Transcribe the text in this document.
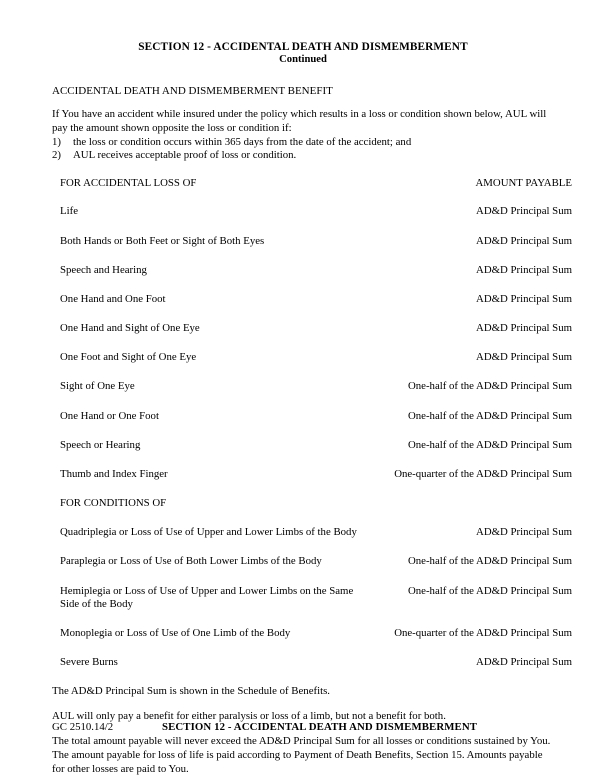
SECTION 12 - ACCIDENTAL DEATH AND DISMEMBERMENT
Continued
ACCIDENTAL DEATH AND DISMEMBERMENT BENEFIT

If You have an accident while insured under the policy which results in a loss or condition shown below, AUL will pay the amount shown opposite the loss or condition if:

1)	the loss or condition occurs within 365 days from the date of the accident; and
2)	AUL receives acceptable proof of loss or condition.
FOR ACCIDENTAL LOSS OF	AMOUNT PAYABLE
Life	AD&D Principal Sum
Both Hands or Both Feet or Sight of Both Eyes	AD&D Principal Sum
Speech and Hearing	AD&D Principal Sum
One Hand and One Foot	AD&D Principal Sum
One Hand and Sight of One Eye	AD&D Principal Sum
One Foot and Sight of One Eye	AD&D Principal Sum
Sight of One Eye	One-half of the AD&D Principal Sum
One Hand or One Foot	One-half of the AD&D Principal Sum
Speech or Hearing	One-half of the AD&D Principal Sum
Thumb and Index Finger	One-quarter of the AD&D Principal Sum
FOR CONDITIONS OF	
Quadriplegia or Loss of Use of Upper and Lower Limbs of the Body	AD&D Principal Sum
Paraplegia or Loss of Use of Both Lower Limbs of the Body	One-half of the AD&D Principal Sum
Hemiplegia or Loss of Use of Upper and Lower Limbs on the Same Side of the Body	One-half of the AD&D Principal Sum
Monoplegia or Loss of Use of One Limb of the Body	One-quarter of the AD&D Principal Sum
Severe Burns	AD&D Principal Sum

The AD&D Principal Sum is shown in the Schedule of Benefits.

AUL will only pay a benefit for either paralysis or loss of a limb, but not a benefit for both.

The total amount payable will never exceed the AD&D Principal Sum for all losses or conditions sustained by You. The amount payable for loss of life is paid according to Payment of Death Benefits, Section 15. Amounts payable for other losses are paid to You.

GC 2510.14/2	SECTION 12 - ACCIDENTAL DEATH AND DISMEMBERMENT
